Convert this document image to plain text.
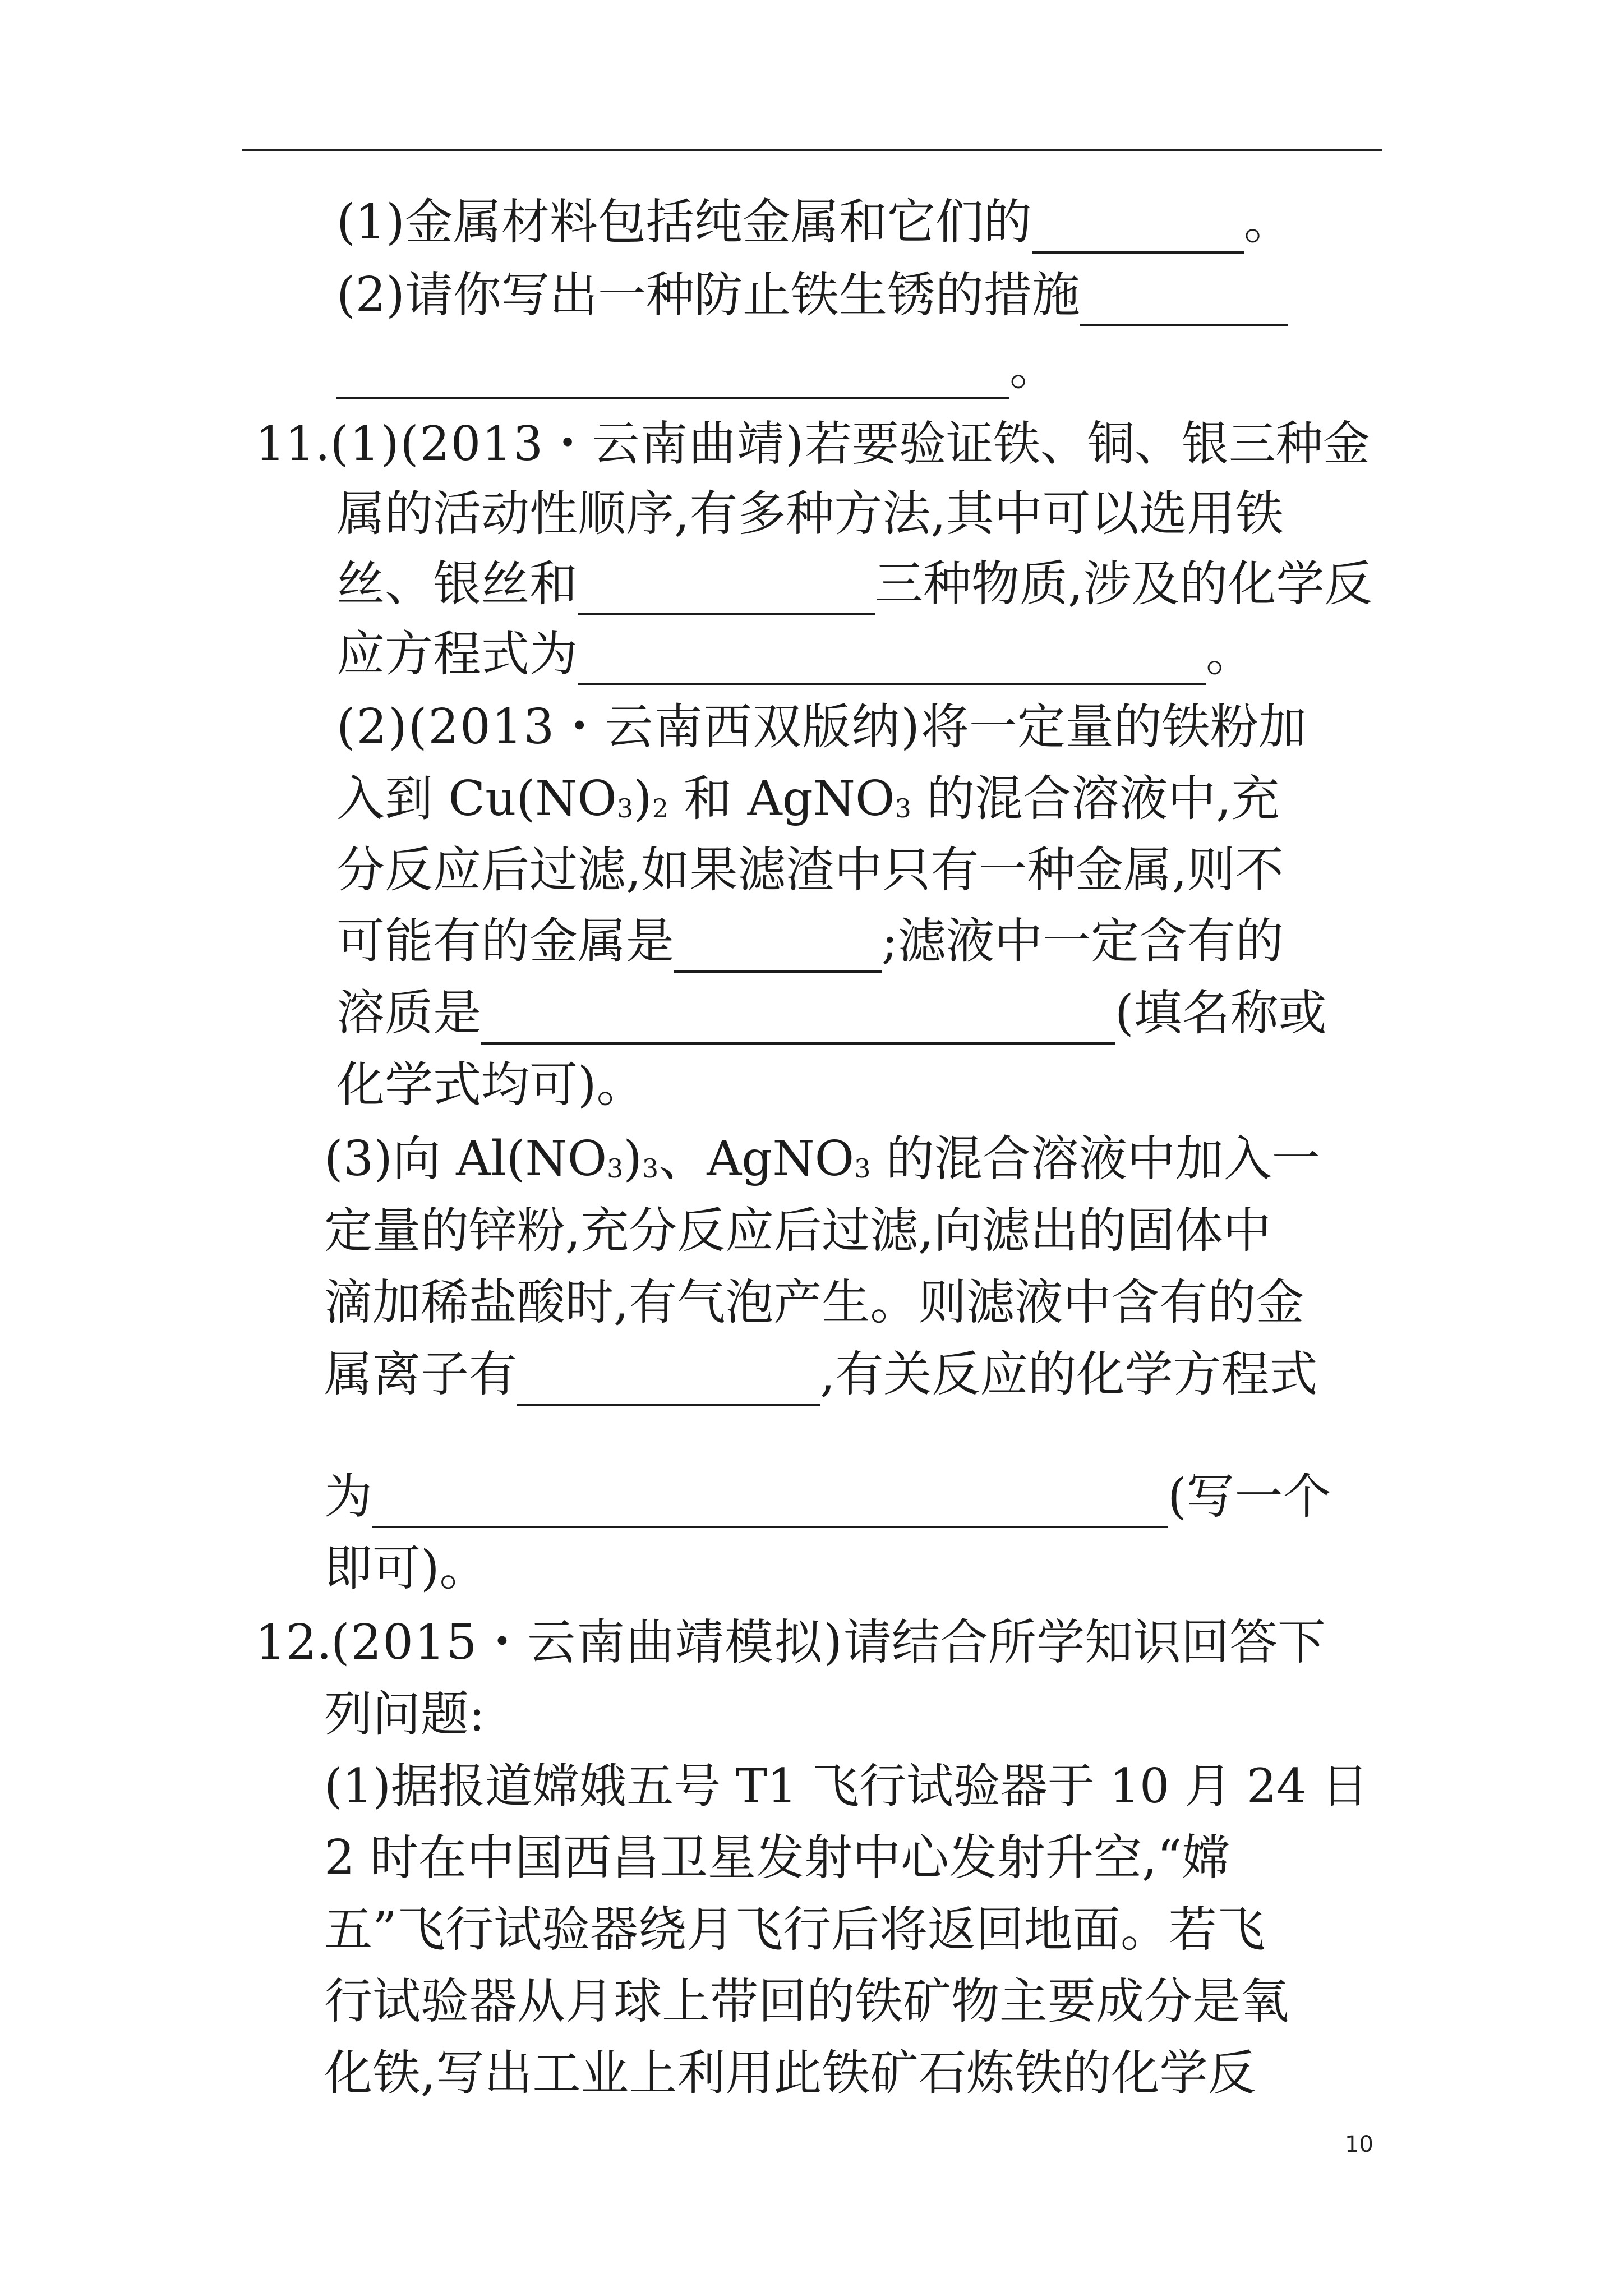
(1)金属材料包括纯金属和它们的	。
(2)请你写出一种防止铁生锈的措施
。
11. (1)(2013・云南曲靖) 若要验证铁、铜、银三种金
属的活动性顺序,有多种方法,其中可以选用铁
丝、银丝和	三种物质,涉及的化学反
应方程式为	。
(2)(2013・云南西双版纳) 将一定量的铁粉加
入到 $Cu(NO_3)_2$ 和 AgNO$_3$ 的混合溶液中,充
分反应后过滤,如果滤渣中只有一种金属,则不
可能有的金属是	;滤液中一定含有的
溶质是	(填名称或
化学式均可)。
(3)向 $Al(NO_3)_3$、AgNO$_3$ 的混合溶液中加入一
定量的锌粉,充分反应后过滤,向滤出的固体中
滴加稀盐酸时,有气泡产生。则滤液中含有的金
属离子有	,有关反应的化学方程式
为	(写一个
即可)。
12.
(2015・云南曲靖模拟) 请结合所学知识回答下
列问题:
(1)据报道嫦娥五号 T1 飞行试验器于 10 月 24 日
2 时在中国西昌卫星发射中心发射升空,“嫦
五”飞行试验器绕月飞行后将返回地面。若飞
行试验器从月球上带回的铁矿物主要成分是氧
化铁,写出工业上利用此铁矿石炼铁的化学反
10
